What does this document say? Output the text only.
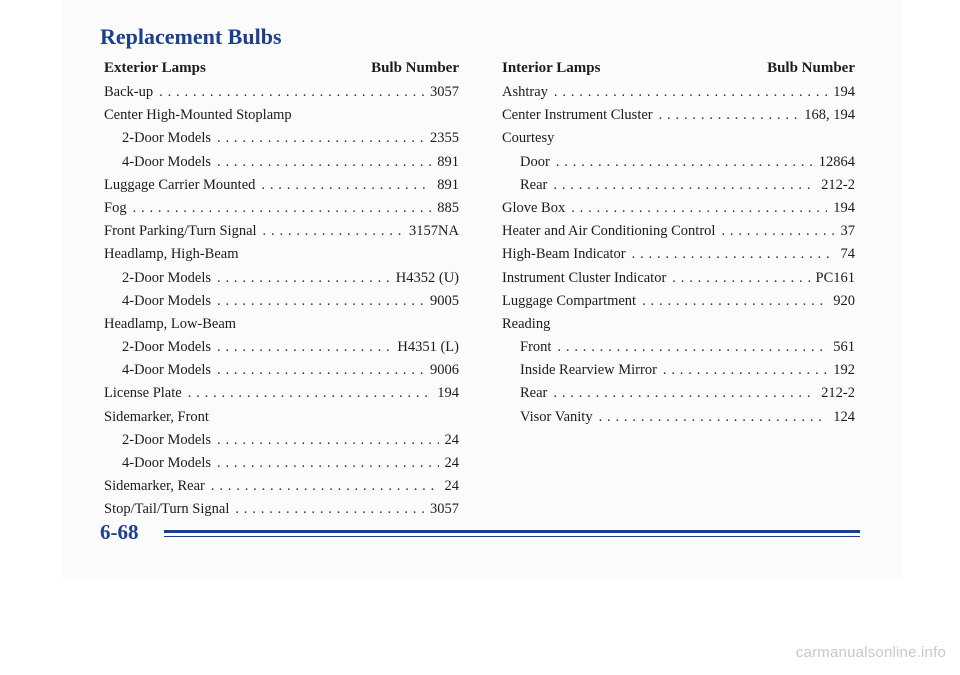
Replacement Bulbs
Exterior Lamps	Bulb Number
Back-up . . .	3057
Center High-Mounted Stoplamp
2-Door Models . . .	2355
4-Door Models . . .	891
Luggage Carrier Mounted . . .	891
Fog . . .	885
Front Parking/Turn Signal . . .	3157NA
Headlamp, High-Beam
2-Door Models . . .	H4352 (U)
4-Door Models . . .	9005
Headlamp, Low-Beam
2-Door Models . . .	H4351 (L)
4-Door Models . . .	9006
License Plate . . .	194
Sidemarker, Front
2-Door Models . . .	24
4-Door Models . . .	24
Sidemarker, Rear . . .	24
Stop/Tail/Turn Signal . . .	3057
Interior Lamps	Bulb Number
Ashtray . . .	194
Center Instrument Cluster . . .	168, 194
Courtesy
Door . . .	12864
Rear . . .	212-2
Glove Box . . .	194
Heater and Air Conditioning Control . . .	37
High-Beam Indicator . . .	74
Instrument Cluster Indicator . . .	PC161
Luggage Compartment . . .	920
Reading
Front . . .	561
Inside Rearview Mirror . . .	192
Rear . . .	212-2
Visor Vanity . . .	124
6-68
carmanualsonline.info
